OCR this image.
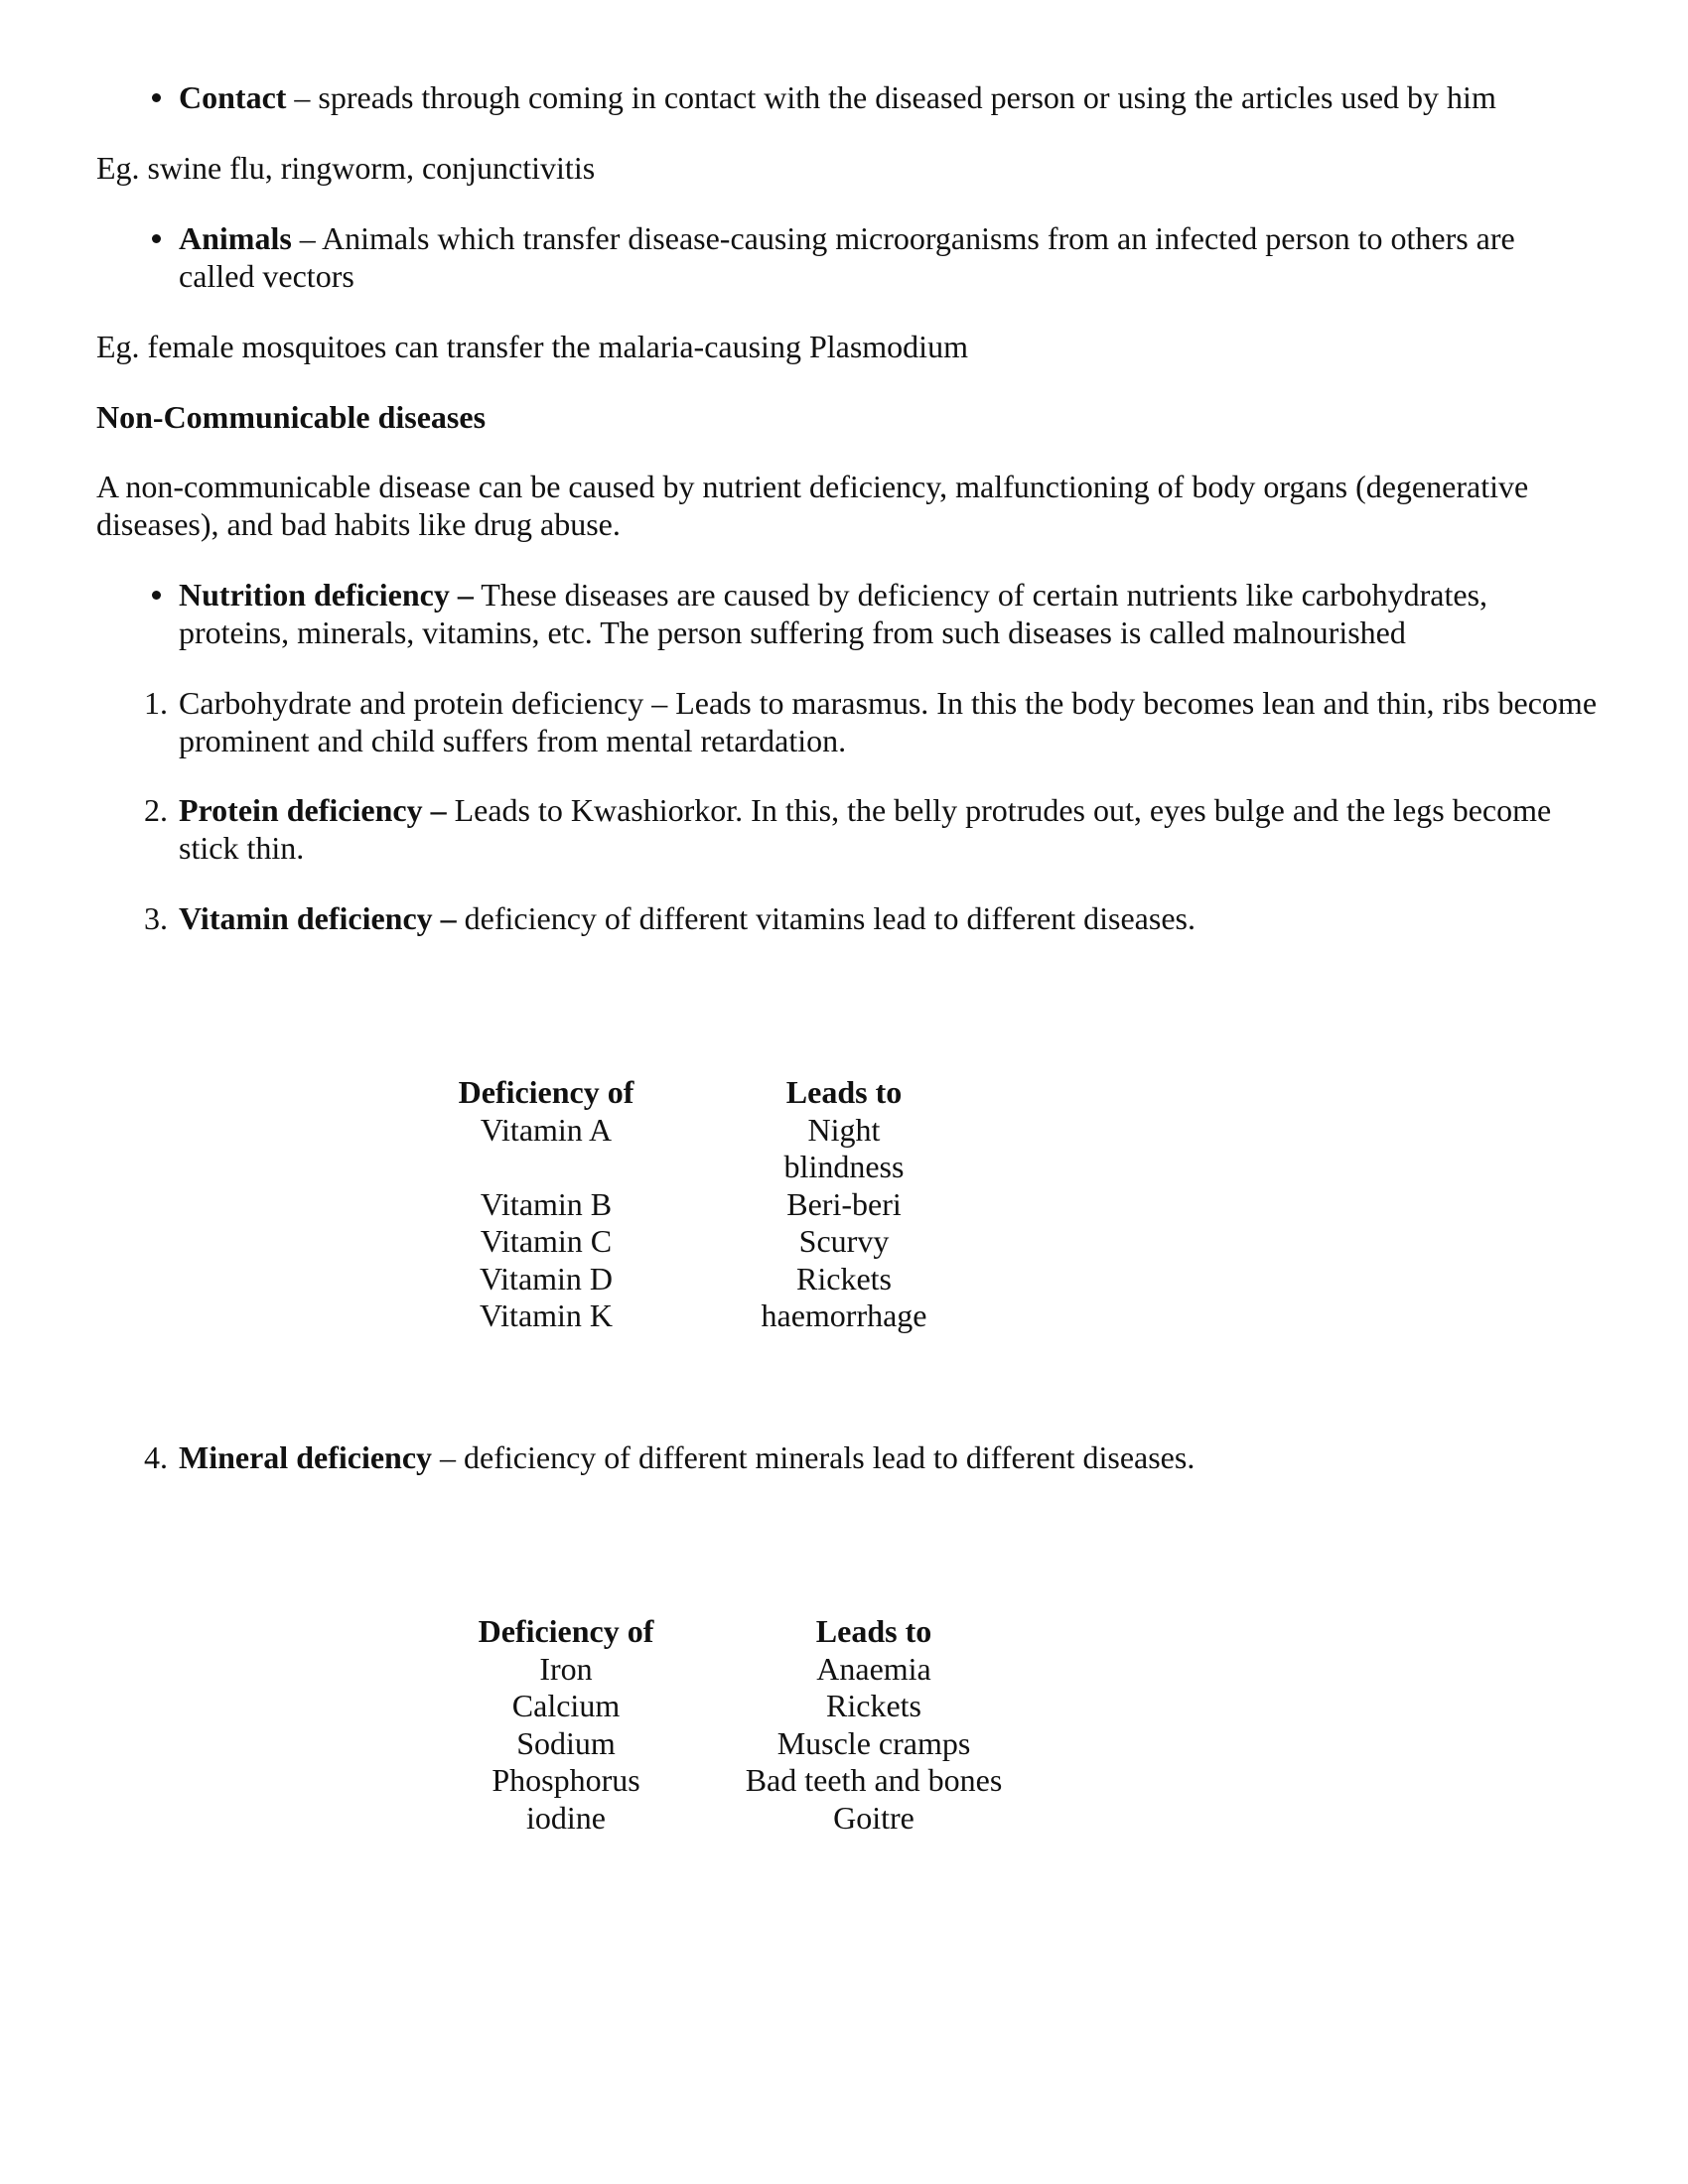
Contact – spreads through coming in contact with the diseased person or using the articles used by him

Eg. swine flu, ringworm, conjunctivitis

Animals – Animals which transfer disease-causing microorganisms from an infected person to others are called vectors

Eg. female mosquitoes can transfer the malaria-causing Plasmodium

Non-Communicable diseases

A non-communicable disease can be caused by nutrient deficiency, malfunctioning of body organs (degenerative diseases), and bad habits like drug abuse.

Nutrition deficiency – These diseases are caused by deficiency of certain nutrients like carbohydrates, proteins, minerals, vitamins, etc. The person suffering from such diseases is called malnourished

1. Carbohydrate and protein deficiency – Leads to marasmus. In this the body becomes lean and thin, ribs become prominent and child suffers from mental retardation.

2. Protein deficiency – Leads to Kwashiorkor. In this, the belly protrudes out, eyes bulge and the legs become stick thin.

3. Vitamin deficiency – deficiency of different vitamins lead to different diseases.

Deficiency of		Leads to
Vitamin A		Night blindness
Vitamin B		Beri-beri
Vitamin C		Scurvy
Vitamin D		Rickets
Vitamin K		haemorrhage

4. Mineral deficiency – deficiency of different minerals lead to different diseases.

Deficiency of		Leads to
Iron		Anaemia
Calcium		Rickets
Sodium		Muscle cramps
Phosphorus		Bad teeth and bones
iodine		Goitre
